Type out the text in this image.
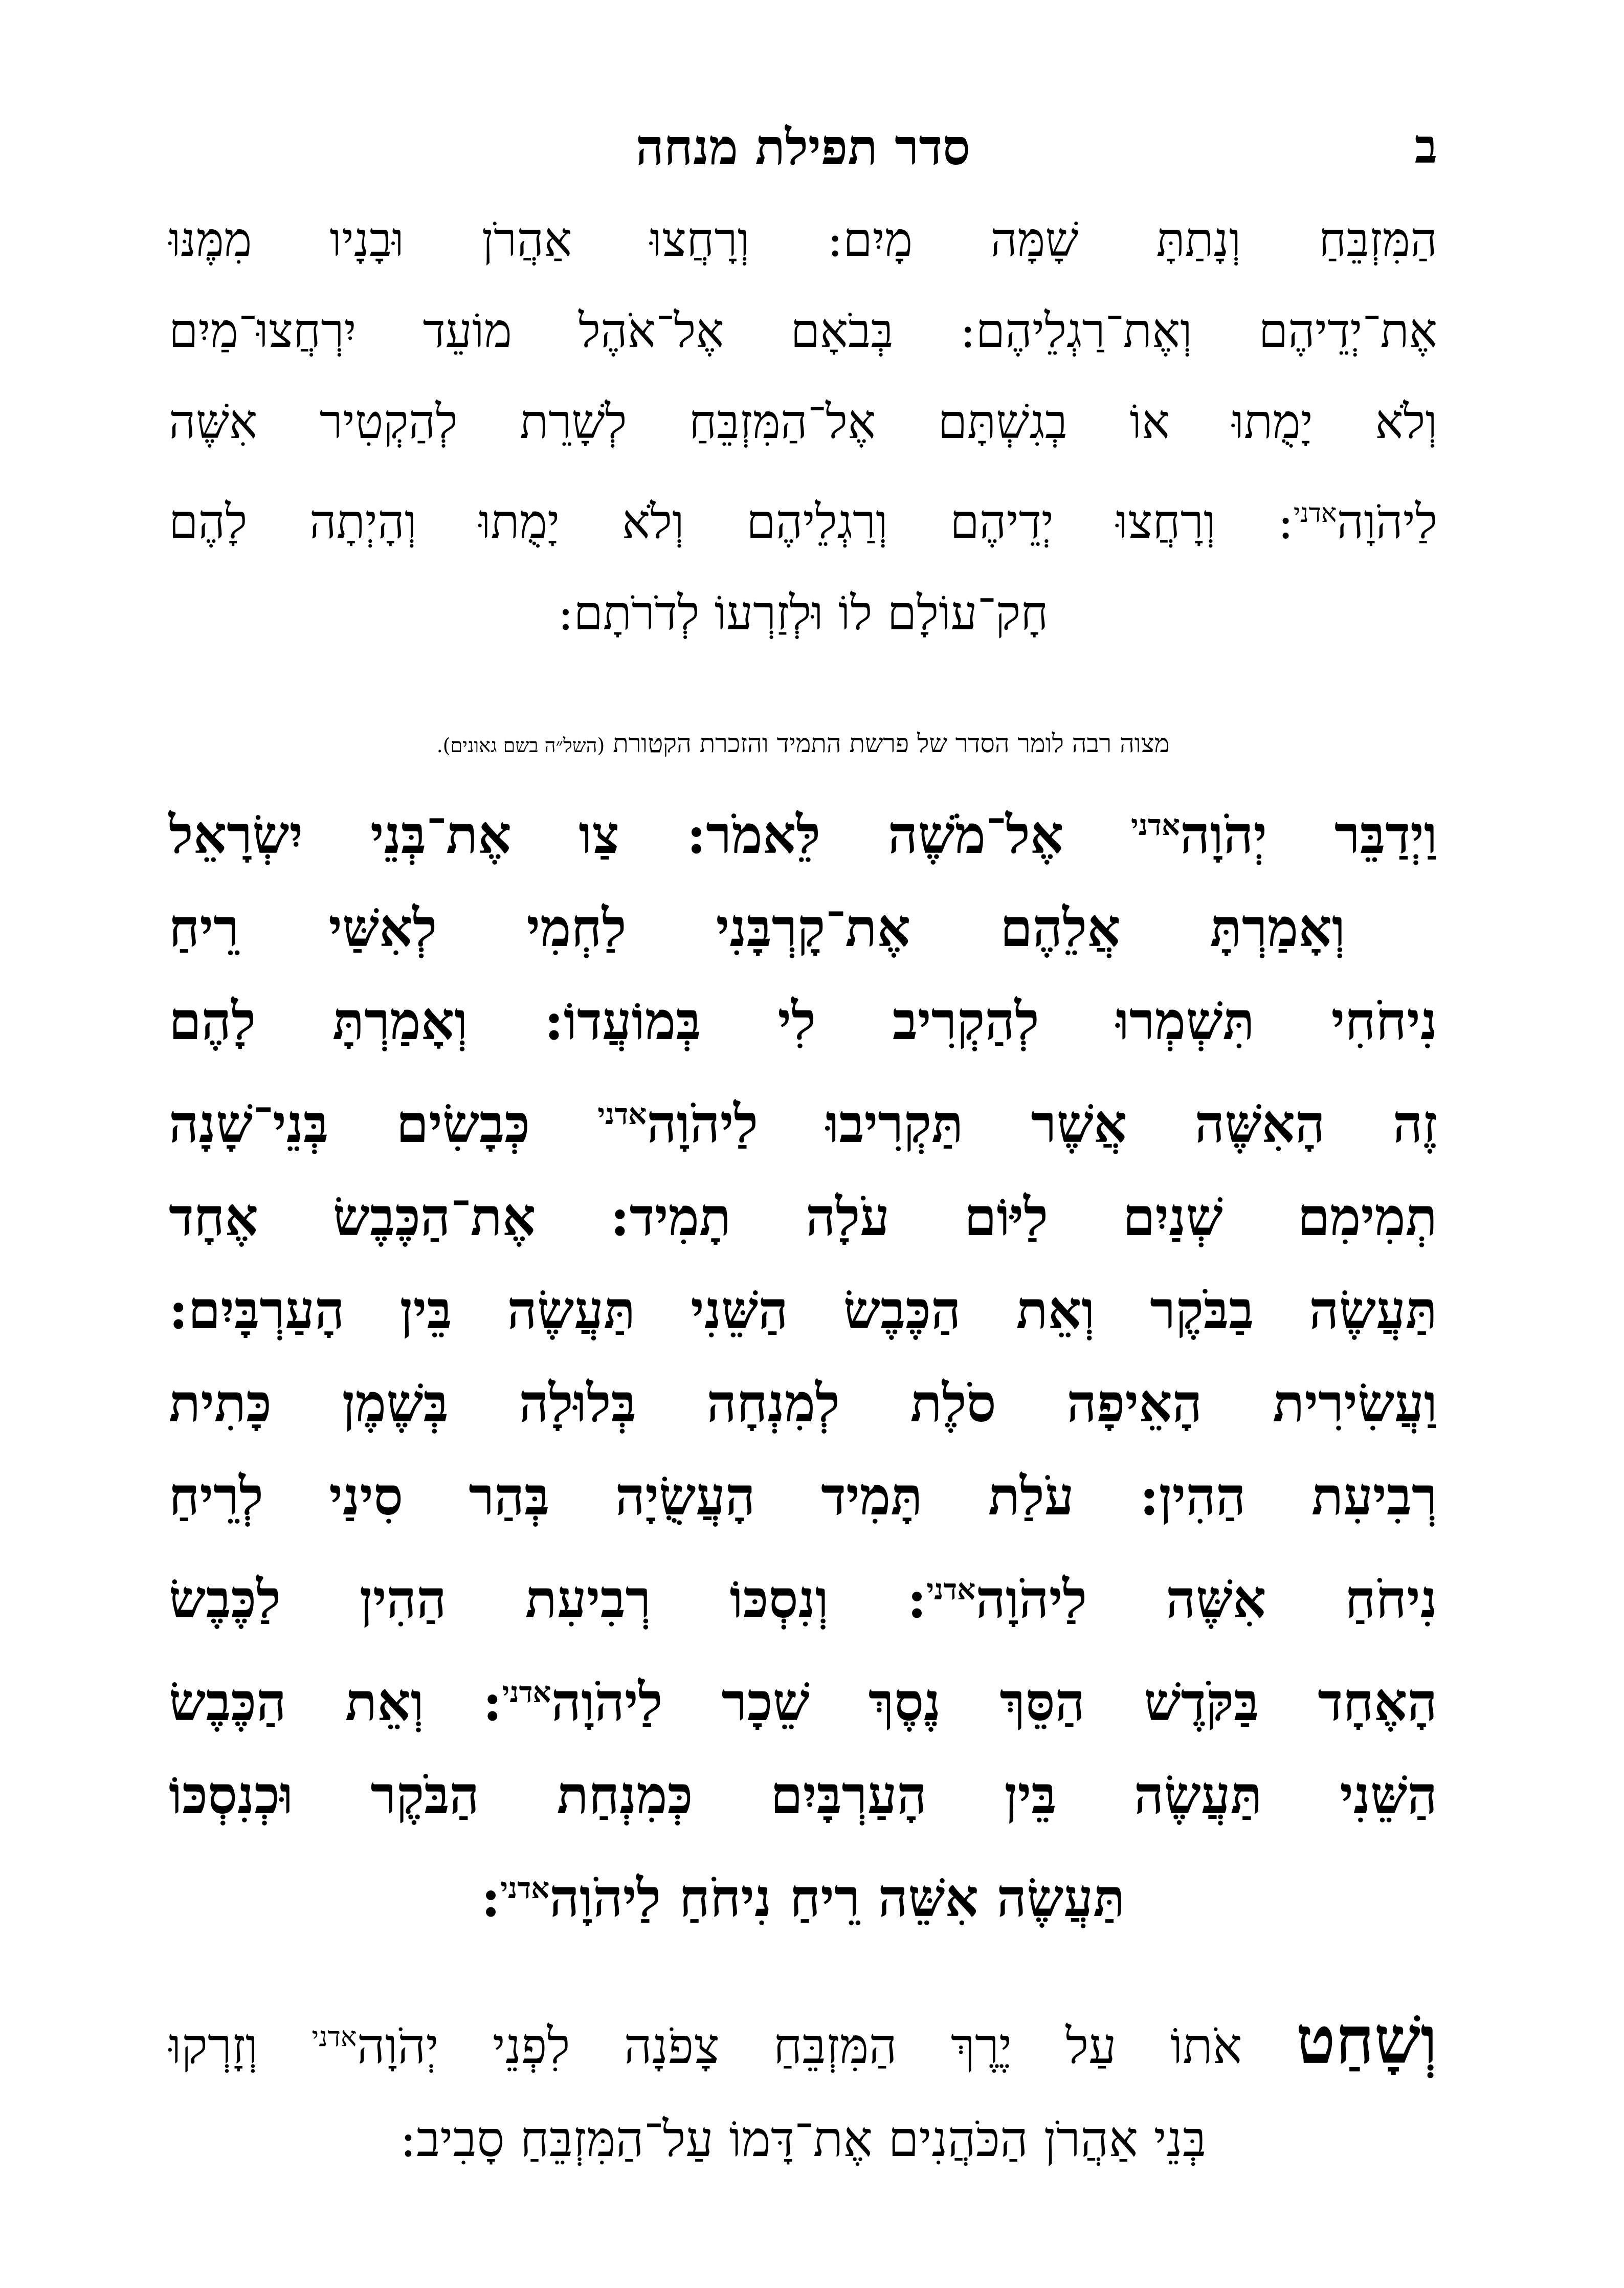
ב
סדר תפילת מנחה
הַמִּזְבֵּחַ וְנָתַתָּ שָׁמָּה מָיִם: וְרָחֲצוּ אַהֲרֹן וּבָנָיו מִמֶּנּוּ
אֶת־יְדֵיהֶם וְאֶת־רַגְלֵיהֶם: בְּבֹאָם אֶל־אֹהֶל מוֹעֵד יִרְחֲצוּ־מַיִם
וְלֹא יָמֻתוּ אוֹ בְגִשְׁתָּם אֶל־הַמִּזְבֵּחַ לְשָׁרֵת לְהַקְטִיר אִשֶּׁה
לַיהֹוָה$^{אדני}$: וְרָחֲצוּ יְדֵיהֶם וְרַגְלֵיהֶם וְלֹא יָמֻתוּ וְהָיְתָה לָהֶם
חָק־עוֹלָם לוֹ וּלְזַרְעוֹ לְדֹרֹתָם:
מצוה רבה לומר הסדר של פרשת התמיד והזכרת הקטורת (השל״ה בשם גאונים).
וַיְדַבֵּר יְהֹוָה$^{אדני}$ אֶל־מֹשֶׁה לֵּאמֹר: צַו אֶת־בְּנֵי יִשְׂרָאֵל
וְאָמַרְתָּ אֲלֵהֶם אֶת־קָרְבָּנִי לַחְמִי לְאִשַּׁי רֵיחַ
נִיחֹחִי תִּשְׁמְרוּ לְהַקְרִיב לִי בְּמוֹעֲדוֹ: וְאָמַרְתָּ לָהֶם
זֶה הָאִשֶּׁה אֲשֶׁר תַּקְרִיבוּ לַיהֹוָה$^{אדני}$ כְּבָשִׂים בְּנֵי־שָׁנָה
תְמִימִם שְׁנַיִם לַיּוֹם עֹלָה תָמִיד: אֶת־הַכֶּבֶשׂ אֶחָד
תַּעֲשֶׂה בַבֹּקֶר וְאֵת הַכֶּבֶשׂ הַשֵּׁנִי תַּעֲשֶׂה בֵּין הָעַרְבָּיִם:
וַעֲשִׂירִית הָאֵיפָה סֹלֶת לְמִנְחָה בְּלוּלָה בְּשֶׁמֶן כָּתִית
רְבִיעִת הַהִין: עֹלַת תָּמִיד הָעֲשֻׂיָה בְּהַר סִינַי לְרֵיחַ
נִיחֹחַ אִשֶּׁה לַיהֹוָה$^{אדני}$: וְנִסְכּוֹ רְבִיעִת הַהִין לַכֶּבֶשׂ
הָאֶחָד בַּקֹּדֶשׁ הַסֵּךְ נֶסֶךְ שֵׁכָר לַיהֹוָה$^{אדני}$: וְאֵת הַכֶּבֶשׂ
הַשֵּׁנִי תַּעֲשֶׂה בֵּין הָעַרְבָּיִם כְּמִנְחַת הַבֹּקֶר וּכְנִסְכּוֹ
תַּעֲשֶׂה אִשֵּׁה רֵיחַ נִיחֹחַ לַיהֹוָה$^{אדני}$:
וְשָׁחַט אֹתוֹ עַל יֶרֶךְ הַמִּזְבֵּחַ צָפֹנָה לִפְנֵי יְהֹוָה$^{אדני}$ וְזָרְקוּ
בְּנֵי אַהֲרֹן הַכֹּהֲנִים אֶת־דָּמוֹ עַל־הַמִּזְבֵּחַ סָבִיב:
